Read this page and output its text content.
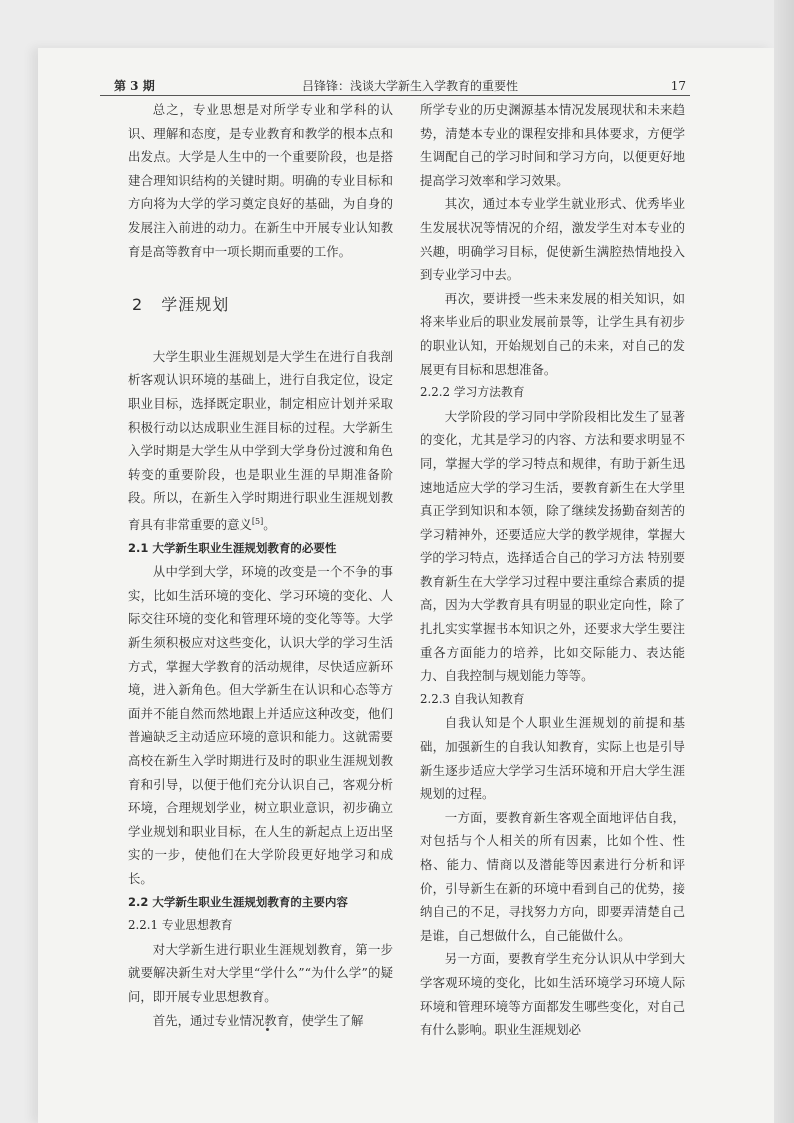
第 3 期	吕锋锋：浅谈大学新生入学教育的重要性	17

总之，专业思想是对所学专业和学科的认识、理解和态度，是专业教育和教学的根本点和出发点。大学是人生中的一个重要阶段，也是搭建合理知识结构的关键时期。明确的专业目标和方向将为大学的学习奠定良好的基础，为自身的发展注入前进的动力。在新生中开展专业认知教育是高等教育中一项长期而重要的工作。

2 学涯规划

大学生职业生涯规划是大学生在进行自我剖析客观认识环境的基础上，进行自我定位，设定职业目标，选择既定职业，制定相应计划并采取积极行动以达成职业生涯目标的过程。大学新生入学时期是大学生从中学到大学身份过渡和角色转变的重要阶段，也是职业生涯的早期准备阶段。所以，在新生入学时期进行职业生涯规划教育具有非常重要的意义[5]。

2.1 大学新生职业生涯规划教育的必要性

从中学到大学，环境的改变是一个不争的事实，比如生活环境的变化、学习环境的变化、人际交往环境的变化和管理环境的变化等等。大学新生须积极应对这些变化，认识大学的学习生活方式，掌握大学教育的活动规律，尽快适应新环境，进入新角色。但大学新生在认识和心态等方面并不能自然而然地跟上并适应这种改变，他们普遍缺乏主动适应环境的意识和能力。这就需要高校在新生入学时期进行及时的职业生涯规划教育和引导，以便于他们充分认识自己，客观分析环境，合理规划学业，树立职业意识，初步确立学业规划和职业目标，在人生的新起点上迈出坚实的一步，使他们在大学阶段更好地学习和成长。

2.2 大学新生职业生涯规划教育的主要内容

2.2.1 专业思想教育

对大学新生进行职业生涯规划教育，第一步就要解决新生对大学里“学什么”“为什么学”的疑问，即开展专业思想教育。

首先，通过专业情况教育，使学生了解

所学专业的历史渊源基本情况发展现状和未来趋势，清楚本专业的课程安排和具体要求，方便学生调配自己的学习时间和学习方向，以便更好地提高学习效率和学习效果。

其次，通过本专业学生就业形式、优秀毕业生发展状况等情况的介绍，激发学生对本专业的兴趣，明确学习目标，促使新生满腔热情地投入到专业学习中去。

再次，要讲授一些未来发展的相关知识，如将来毕业后的职业发展前景等，让学生具有初步的职业认知，开始规划自己的未来，对自己的发展更有目标和思想准备。

2.2.2 学习方法教育

大学阶段的学习同中学阶段相比发生了显著的变化，尤其是学习的内容、方法和要求明显不同，掌握大学的学习特点和规律，有助于新生迅速地适应大学的学习生活，要教育新生在大学里真正学到知识和本领，除了继续发扬勤奋刻苦的学习精神外，还要适应大学的教学规律，掌握大学的学习特点，选择适合自己的学习方法 特别要教育新生在大学学习过程中要注重综合素质的提高，因为大学教育具有明显的职业定向性，除了扎扎实实掌握书本知识之外，还要求大学生要注重各方面能力的培养，比如交际能力、表达能力、自我控制与规划能力等等。

2.2.3 自我认知教育

自我认知是个人职业生涯规划的前提和基础，加强新生的自我认知教育，实际上也是引导新生逐步适应大学学习生活环境和开启大学生涯规划的过程。

一方面，要教育新生客观全面地评估自我，对包括与个人相关的所有因素，比如个性、性格、能力、情商以及潜能等因素进行分析和评价，引导新生在新的环境中看到自己的优势，接纳自己的不足，寻找努力方向，即要弄清楚自己是谁，自己想做什么，自己能做什么。

另一方面，要教育学生充分认识从中学到大学客观环境的变化，比如生活环境学习环境人际环境和管理环境等方面都发生哪些变化，对自己有什么影响。职业生涯规划必
